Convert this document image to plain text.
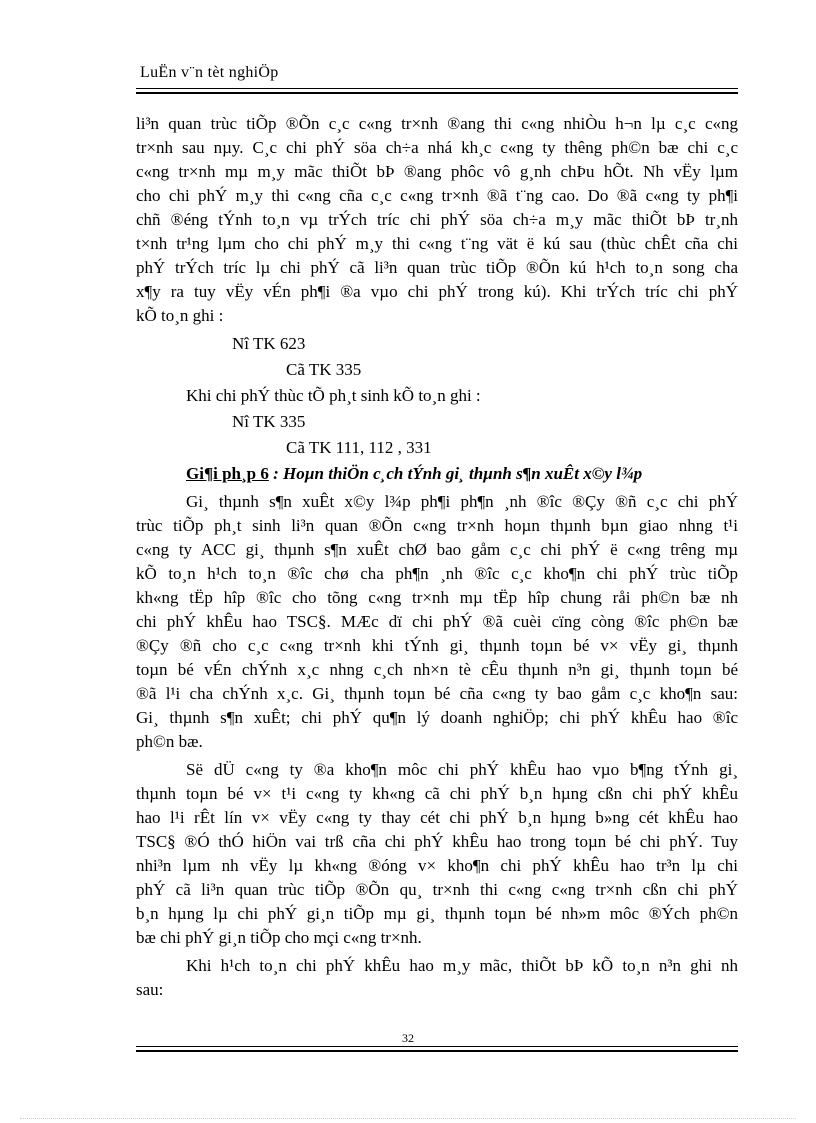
LuËn v¨n tèt nghiÖp
li³n quan trùc tiÕp ®Õn c¸c c«ng tr×nh ®ang thi c«ng nhiÒu h¬n lµ c¸c c«ng
tr×nh sau nµy. C¸c chi phÝ söa ch÷a nhá kh¸c c«ng ty thêng ph©n bæ chi c¸c
c«ng tr×nh mµ m¸y mãc thiÕt bÞ ®ang phôc vô g¸nh chÞu hÕt. Nh vËy lµm
cho chi phÝ m¸y thi c«ng cña c¸c c«ng tr×nh ®ã t¨ng cao. Do ®ã c«ng ty ph¶i
chñ ®éng tÝnh to¸n vµ trÝch tríc chi phÝ söa ch÷a m¸y mãc thiÕt bÞ tr¸nh
t×nh tr¹ng lµm cho chi phÝ m¸y thi c«ng t¨ng vät ë kú sau (thùc chÊt cña chi
phÝ trÝch tríc lµ chi phÝ cã li³n quan trùc tiÕp ®Õn kú h¹ch to¸n song cha
x¶y ra tuy vËy vÉn ph¶i ®a vµo chi phÝ trong kú). Khi trÝch tríc chi phÝ
kÕ to¸n ghi :
Nî TK 623
Cã TK 335
Khi chi phÝ thùc tÕ ph¸t sinh kÕ to¸n ghi :
Nî TK 335
Cã TK 111, 112 , 331
Gi¶i ph¸p 6 : Hoµn thiÖn c¸ch tÝnh gi¸ thµnh s¶n xuÊt x©y l¾p
Gi¸ thµnh s¶n xuÊt x©y l¾p ph¶i ph¶n ¸nh ®îc ®Çy ®ñ c¸c chi phÝ
trùc tiÕp ph¸t sinh li³n quan ®Õn c«ng tr×nh hoµn thµnh bµn giao nhng t¹i
c«ng ty ACC gi¸ thµnh s¶n xuÊt chØ bao gåm c¸c chi phÝ ë c«ng trêng mµ
kÕ to¸n h¹ch to¸n ®îc chø cha ph¶n ¸nh ®îc c¸c kho¶n chi phÝ trùc tiÕp
kh«ng tËp hîp ®îc cho tõng c«ng tr×nh mµ tËp hîp chung råi ph©n bæ nh
chi phÝ khÊu hao TSC§. MÆc dï chi phÝ ®ã cuèi cïng còng ®îc ph©n bæ
®Çy ®ñ cho c¸c c«ng tr×nh khi tÝnh gi¸ thµnh toµn bé v× vËy gi¸ thµnh
toµn bé vÉn chÝnh x¸c nhng c¸ch nh×n tè cÊu thµnh n³n gi¸ thµnh toµn bé
®ã l¹i cha chÝnh x¸c. Gi¸ thµnh toµn bé cña c«ng ty bao gåm c¸c kho¶n sau:
Gi¸ thµnh s¶n xuÊt; chi phÝ qu¶n lý doanh nghiÖp; chi phÝ khÊu hao ®îc
ph©n bæ.
Së dÜ c«ng ty ®a kho¶n môc chi phÝ khÊu hao vµo b¶ng tÝnh gi¸
thµnh toµn bé v× t¹i c«ng ty kh«ng cã chi phÝ b¸n hµng cßn chi phÝ khÊu
hao l¹i rÊt lín v× vËy c«ng ty thay cét chi phÝ b¸n hµng b»ng cét khÊu hao
TSC§ ®Ó thÓ hiÖn vai trß cña chi phÝ khÊu hao trong toµn bé chi phÝ. Tuy
nhi³n lµm nh vËy lµ kh«ng ®óng v× kho¶n chi phÝ khÊu hao tr³n lµ chi
phÝ cã li³n quan trùc tiÕp ®Õn qu¸ tr×nh thi c«ng c«ng tr×nh cßn chi phÝ
b¸n hµng lµ chi phÝ gi¸n tiÕp mµ gi¸ thµnh toµn bé nh»m môc ®Ých ph©n
bæ chi phÝ gi¸n tiÕp cho mçi c«ng tr×nh.
Khi h¹ch to¸n chi phÝ khÊu hao m¸y mãc, thiÕt bÞ kÕ to¸n n³n ghi nh
sau:
32
